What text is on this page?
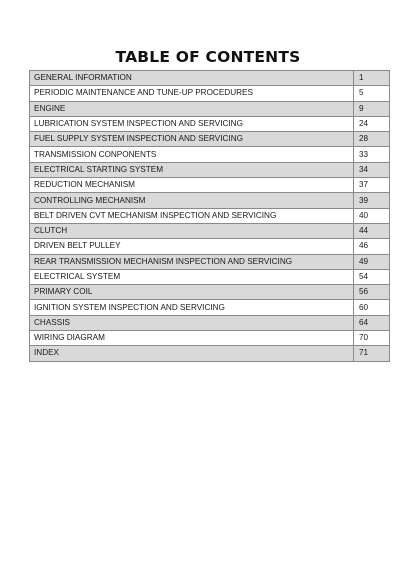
TABLE OF CONTENTS
GENERAL INFORMATION	1
PERIODIC MAINTENANCE AND TUNE-UP PROCEDURES	5
ENGINE	9
LUBRICATION SYSTEM INSPECTION AND SERVICING	24
FUEL SUPPLY SYSTEM INSPECTION AND SERVICING	28
TRANSMISSION CONPONENTS	33
ELECTRICAL STARTING SYSTEM	34
REDUCTION MECHANISM	37
CONTROLLING MECHANISM	39
BELT DRIVEN CVT MECHANISM INSPECTION AND SERVICING	40
CLUTCH	44
DRIVEN BELT PULLEY	46
REAR TRANSMISSION MECHANISM INSPECTION AND SERVICING	49
ELECTRICAL SYSTEM	54
PRIMARY COIL	56
IGNITION SYSTEM INSPECTION AND SERVICING	60
CHASSIS	64
WIRING DIAGRAM	70
INDEX	71
